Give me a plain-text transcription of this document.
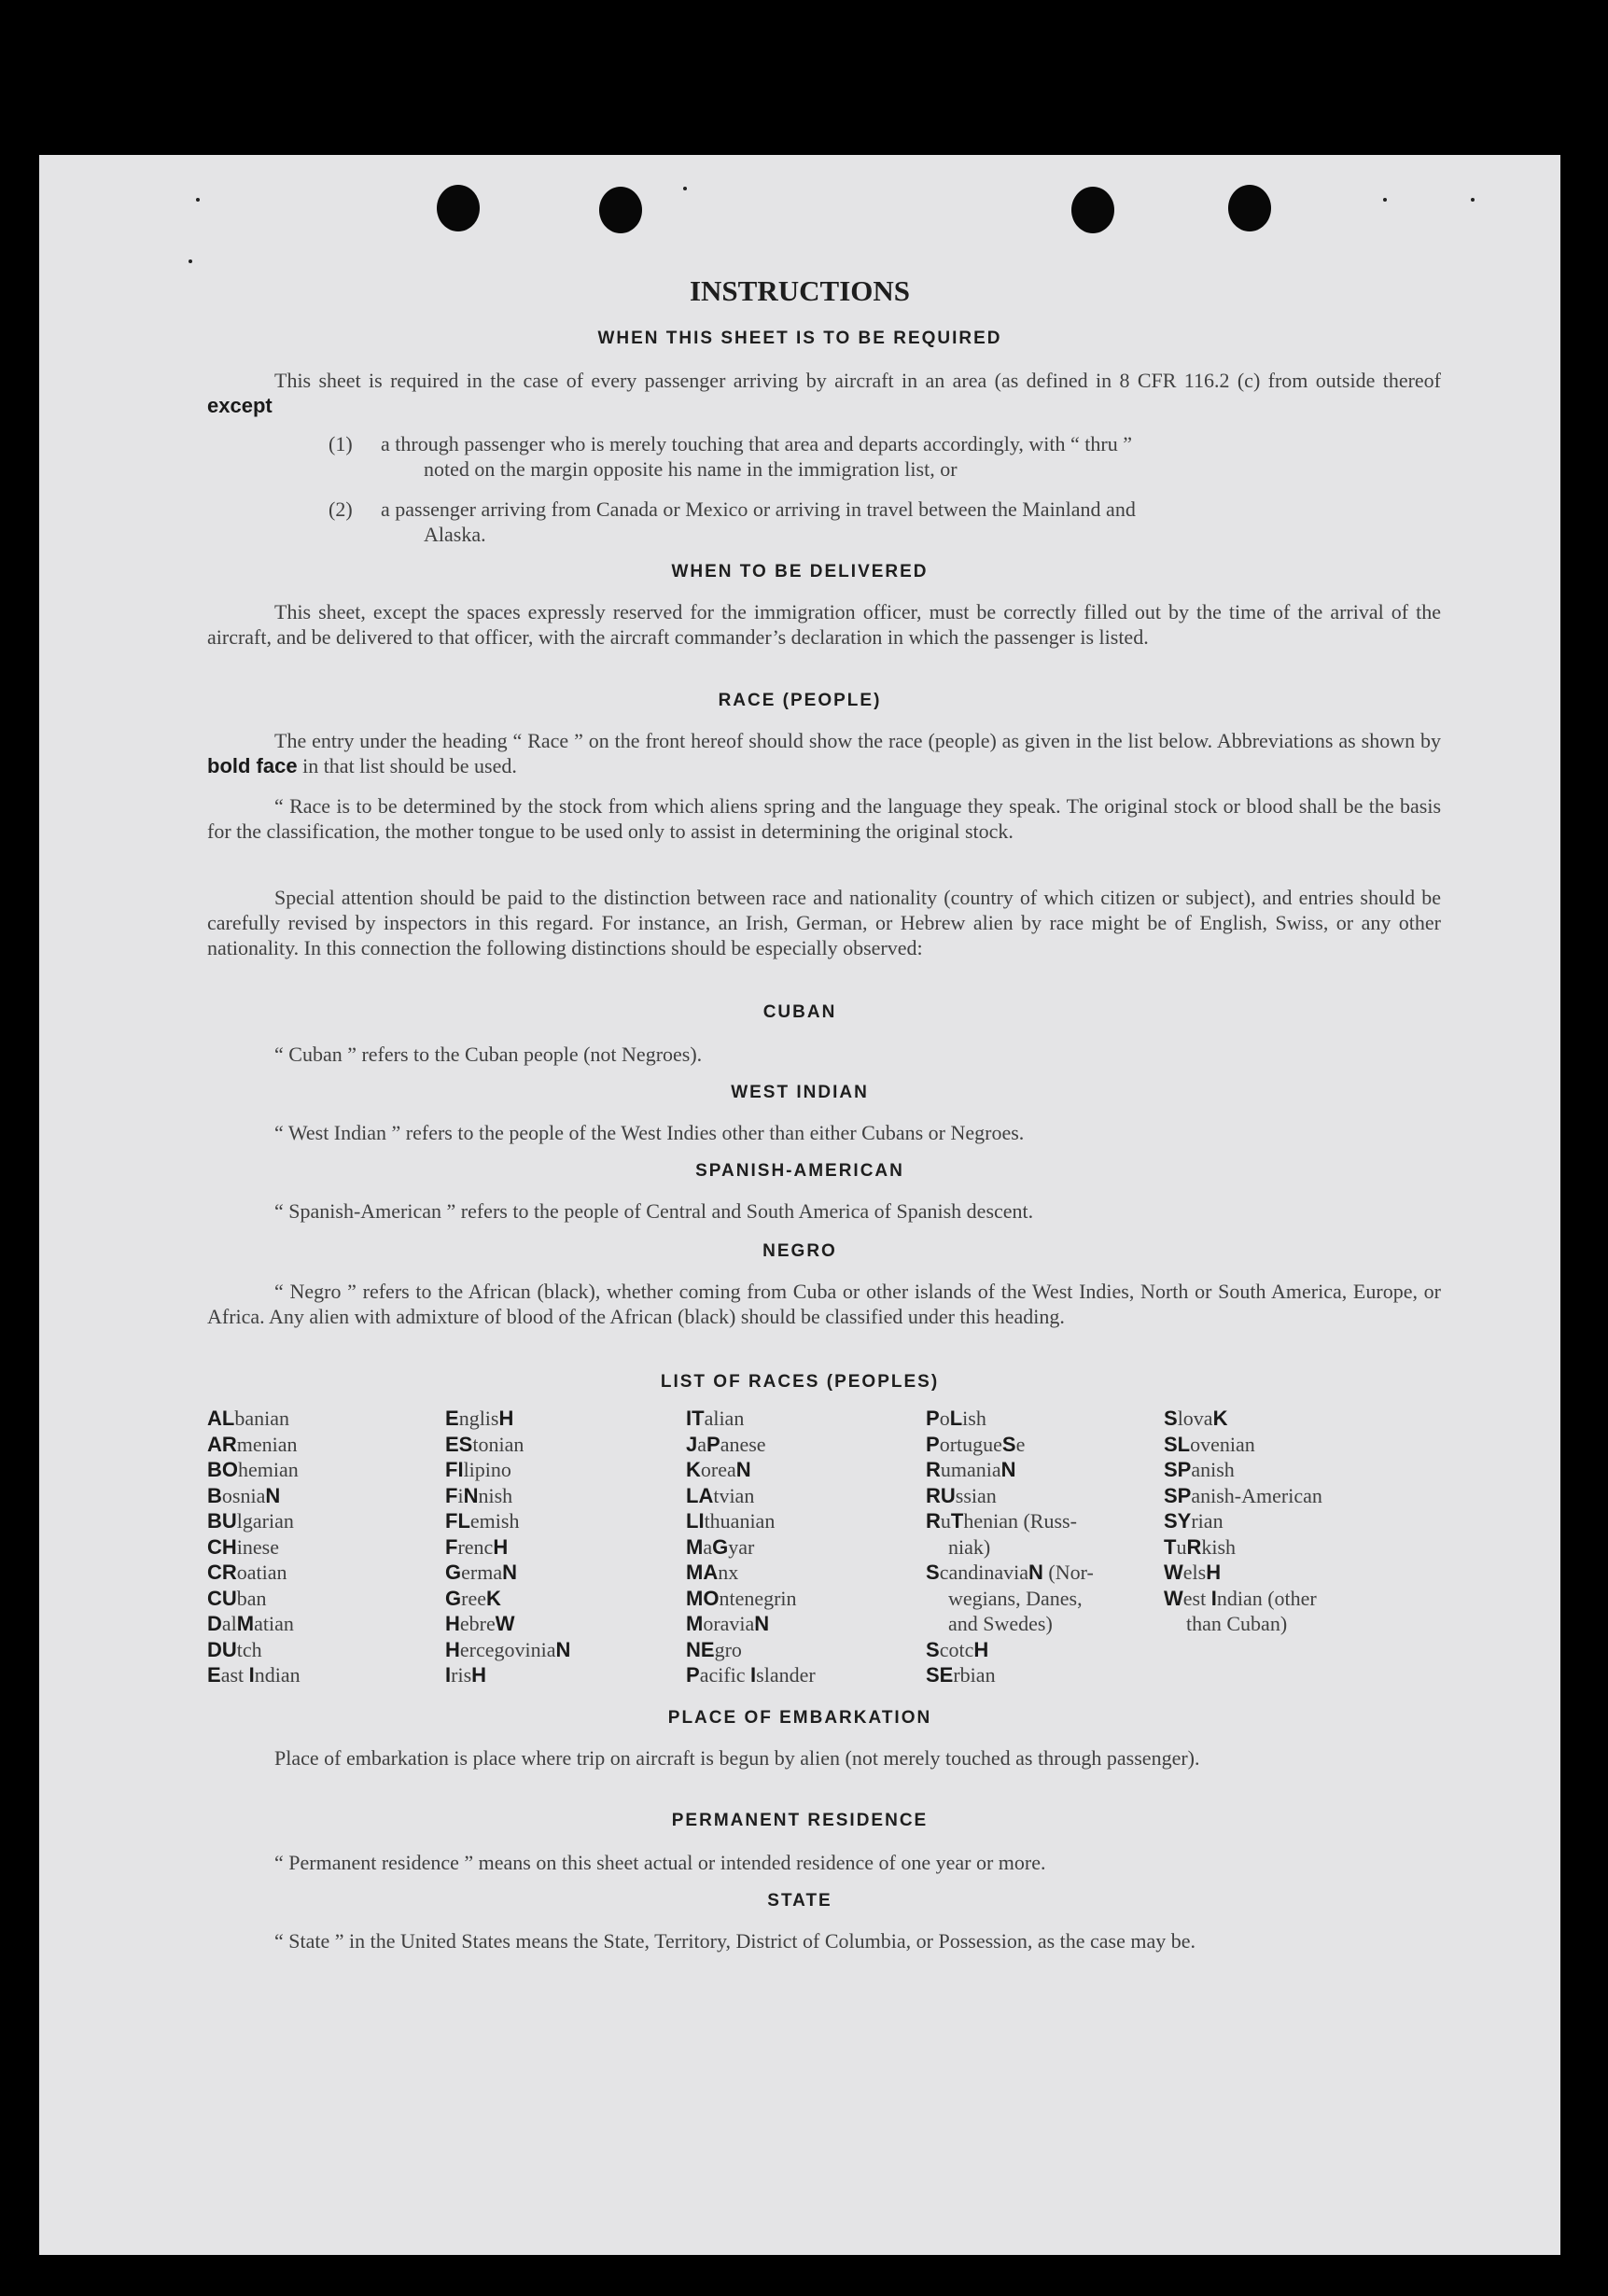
INSTRUCTIONS
WHEN THIS SHEET IS TO BE REQUIRED
This sheet is required in the case of every passenger arriving by aircraft in an area (as defined in 8 CFR 116.2 (c) from outside thereof except
(1) a through passenger who is merely touching that area and departs accordingly, with “ thru ”
noted on the margin opposite his name in the immigration list, or
(2) a passenger arriving from Canada or Mexico or arriving in travel between the Mainland and
Alaska.
WHEN TO BE DELIVERED
This sheet, except the spaces expressly reserved for the immigration officer, must be correctly filled out by the time of the arrival of the aircraft, and be delivered to that officer, with the aircraft commander’s declaration in which the passenger is listed.
RACE (PEOPLE)
The entry under the heading “ Race ” on the front hereof should show the race (people) as given in the list below. Abbreviations as shown by bold face in that list should be used.
“ Race is to be determined by the stock from which aliens spring and the language they speak. The original stock or blood shall be the basis for the classification, the mother tongue to be used only to assist in determining the original stock.
Special attention should be paid to the distinction between race and nationality (country of which citizen or subject), and entries should be carefully revised by inspectors in this regard. For instance, an Irish, German, or Hebrew alien by race might be of English, Swiss, or any other nationality. In this connection the following distinctions should be especially observed:
CUBAN
“ Cuban ” refers to the Cuban people (not Negroes).
WEST INDIAN
“ West Indian ” refers to the people of the West Indies other than either Cubans or Negroes.
SPANISH-AMERICAN
“ Spanish-American ” refers to the people of Central and South America of Spanish descent.
NEGRO
“ Negro ” refers to the African (black), whether coming from Cuba or other islands of the West Indies, North or South America, Europe, or Africa. Any alien with admixture of blood of the African (black) should be classified under this heading.
LIST OF RACES (PEOPLES)
ALbanian
ARmenian
BOhemian
BosniaN
BUlgarian
CHinese
CRoatian
CUban
DalMatian
DUtch
East Indian
EnglisH
EStonian
FIlipino
FiNnish
FLemish
FrencH
GermaN
GreeK
HebreW
HercegoviniaN
IrisH
ITalian
JaPanese
KoreaN
LAtvian
LIthuanian
MaGyar
MAnx
MOntenegrin
MoraviaN
NEgro
Pacific Islander
PoLish
PortugueSe
RumaniaN
RUssian
RuThenian (Russ-
niak)
ScandinaviaN (Nor-
wegians, Danes,
and Swedes)
ScotcH
SErbian
SlovaK
SLovenian
SPanish
SPanish-American
SYrian
TuRkish
WelsH
West Indian (other
than Cuban)
PLACE OF EMBARKATION
Place of embarkation is place where trip on aircraft is begun by alien (not merely touched as through passenger).
PERMANENT RESIDENCE
“ Permanent residence ” means on this sheet actual or intended residence of one year or more.
STATE
“ State ” in the United States means the State, Territory, District of Columbia, or Possession, as the case may be.
